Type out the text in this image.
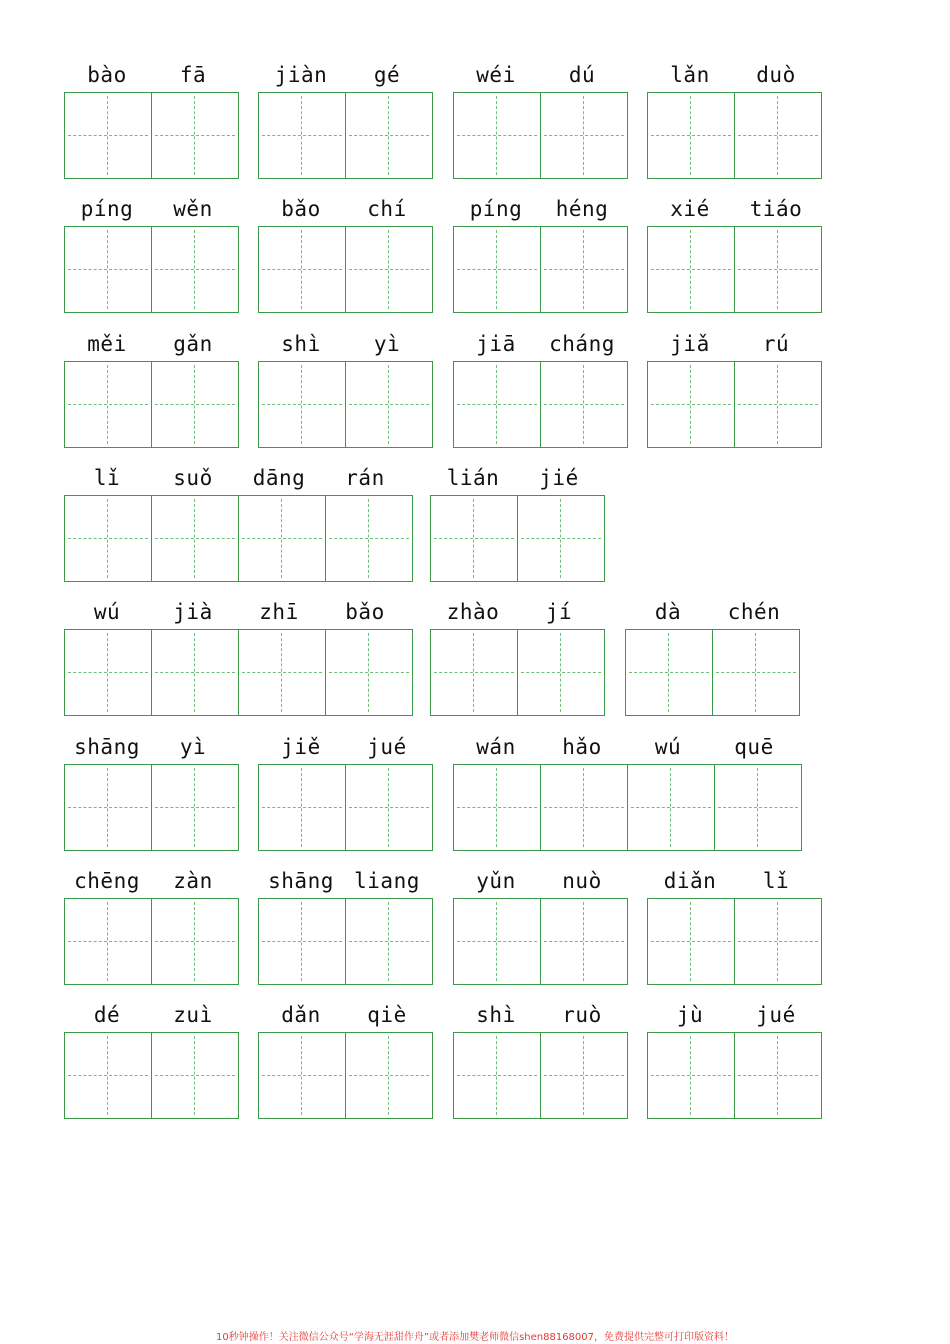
bào	fā	jiàn	gé	wéi	dú	lǎn	duò
píng	wěn	bǎo	chí	píng	héng	xié	tiáo
měi	gǎn	shì	yì	jiā	cháng	jiǎ	rú
lǐ	suǒ	dāng	rán	lián	jié
wú	jià	zhī	bǎo	zhào	jí	dà	chén
shāng	yì	jiě	jué	wán	hǎo	wú	quē
chēng	zàn	shāng liang	yǔn	nuò	diǎn	lǐ
dé	zuì	dǎn	qiè	shì	ruò	jù	jué
10秒钟操作！关注微信公众号“学海无涯甜作舟”或者添加樊老师微信shen88168007，免费提供完整可打印版资料！
